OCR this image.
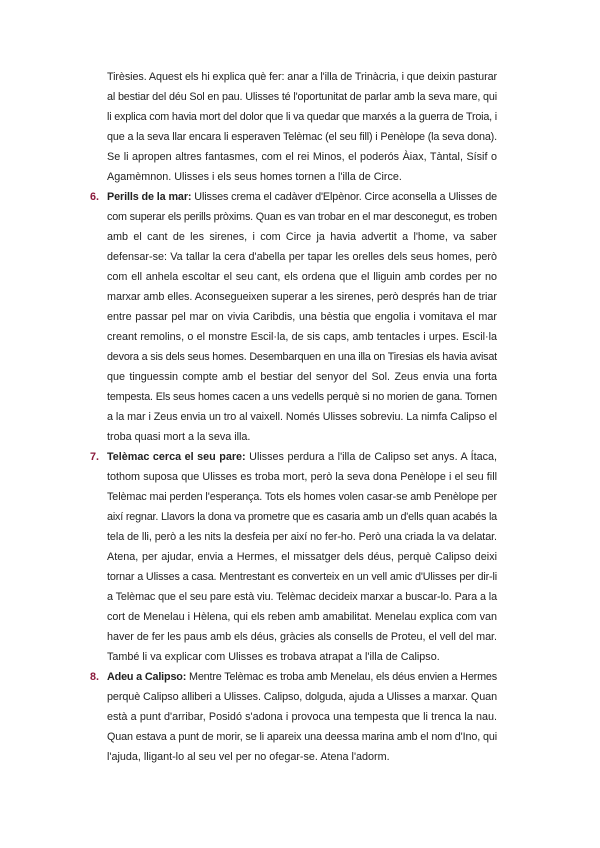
Tirèsies. Aquest els hi explica què fer: anar a l'illa de Trinàcria, i que deixin pasturar
al bestiar del déu Sol en pau. Ulisses té l'oportunitat de parlar amb la seva mare, qui
li explica com havia mort del dolor que li va quedar que marxés a la guerra de Troia, i
que a la seva llar encara li esperaven Telèmac (el seu fill) i Penèlope (la seva dona).
Se li apropen altres fantasmes, com el rei Minos, el poderós Àiax, Tàntal, Sísif o
Agamèmnon. Ulisses i els seus homes tornen a l'illa de Circe.
6. Perills de la mar: Ulisses crema el cadàver d'Elpènor. Circe aconsella a Ulisses de
com superar els perills pròxims. Quan es van trobar en el mar desconegut, es troben
amb el cant de les sirenes, i com Circe ja havia advertit a l'home, va saber
defensar-se: Va tallar la cera d'abella per tapar les orelles dels seus homes, però
com ell anhela escoltar el seu cant, els ordena que el lliguin amb cordes per no
marxar amb elles. Aconsegueixen superar a les sirenes, però després han de triar
entre passar pel mar on vivia Caribdis, una bèstia que engolia i vomitava el mar
creant remolins, o el monstre Escil·la, de sis caps, amb tentacles i urpes. Escil·la
devora a sis dels seus homes. Desembarquen en una illa on Tiresias els havia avisat
que tinguessin compte amb el bestiar del senyor del Sol. Zeus envia una forta
tempesta. Els seus homes cacen a uns vedells perquè si no morien de gana. Tornen
a la mar i Zeus envia un tro al vaixell. Només Ulisses sobreviu. La nimfa Calipso el
troba quasi mort a la seva illa.
7. Telèmac cerca el seu pare: Ulisses perdura a l'illa de Calipso set anys. A Ítaca,
tothom suposa que Ulisses es troba mort, però la seva dona Penèlope i el seu fill
Telèmac mai perden l'esperança. Tots els homes volen casar-se amb Penèlope per
així regnar. Llavors la dona va prometre que es casaria amb un d'ells quan acabés la
tela de lli, però a les nits la desfeia per així no fer-ho. Però una criada la va delatar.
Atena, per ajudar, envia a Hermes, el missatger dels déus, perquè Calipso deixi
tornar a Ulisses a casa. Mentrestant es converteix en un vell amic d'Ulisses per dir-li
a Telèmac que el seu pare està viu. Telèmac decideix marxar a buscar-lo. Para a la
cort de Menelau i Hèlena, qui els reben amb amabilitat. Menelau explica com van
haver de fer les paus amb els déus, gràcies als consells de Proteu, el vell del mar.
També li va explicar com Ulisses es trobava atrapat a l'illa de Calipso.
8. Adeu a Calipso: Mentre Telèmac es troba amb Menelau, els déus envien a Hermes
perquè Calipso alliberi a Ulisses. Calipso, dolguda, ajuda a Ulisses a marxar. Quan
està a punt d'arribar, Posidó s'adona i provoca una tempesta que li trenca la nau.
Quan estava a punt de morir, se li apareix una deessa marina amb el nom d'Ino, qui
l'ajuda, lligant-lo al seu vel per no ofegar-se. Atena l'adorm.
